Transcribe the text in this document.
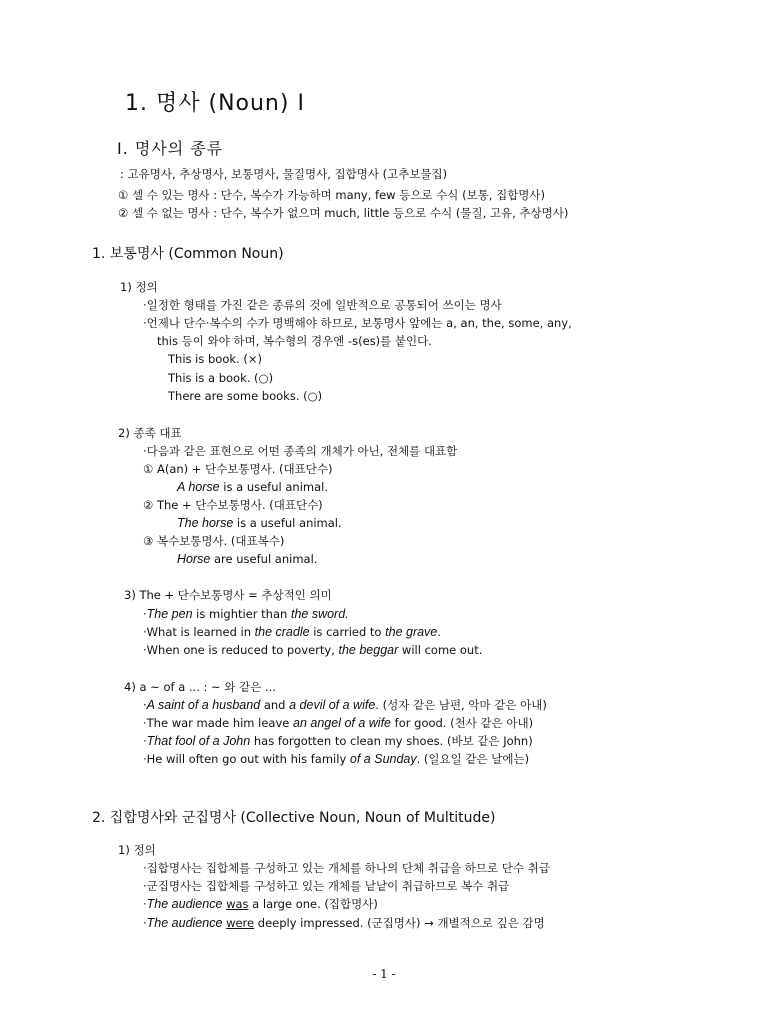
1. 명사 (Noun) Ⅰ
Ⅰ. 명사의 종류
: 고유명사, 추상명사, 보통명사, 물질명사, 집합명사 (고추보물집)
① 셀 수 있는 명사 : 단수, 복수가 가능하며 many, few 등으로 수식 (보통, 집합명사)
② 셀 수 없는 명사 : 단수, 복수가 없으며 much, little 등으로 수식 (물질, 고유, 추상명사)
1. 보통명사 (Common Noun)
1) 정의
·일정한 형태를 가진 같은 종류의 것에 일반적으로 공통되어 쓰이는 명사
·언제나 단수·복수의 수가 명백해야 하므로, 보통명사 앞에는 a, an, the, some, any,
this 등이 와야 하며, 복수형의 경우엔 -s(es)를 붙인다.
This is book. (×)
This is a book. (○)
There are some books. (○)
2) 종족 대표
·다음과 같은 표현으로 어떤 종족의 개체가 아닌, 전체를 대표함
① A(an) + 단수보통명사. (대표단수)
A horse is a useful animal.
② The + 단수보통명사. (대표단수)
The horse is a useful animal.
③ 복수보통명사. (대표복수)
Horse are useful animal.
3) The + 단수보통명사 = 추상적인 의미
·The pen is mightier than the sword.
·What is learned in the cradle is carried to the grave.
·When one is reduced to poverty, the beggar will come out.
4) a ~ of a ... : ~ 와 같은 ...
·A saint of a husband and a devil of a wife. (성자 같은 남편, 악마 같은 아내)
·The war made him leave an angel of a wife for good. (천사 같은 아내)
·That fool of a John has forgotten to clean my shoes. (바보 같은 John)
·He will often go out with his family of a Sunday. (일요일 같은 날에는)
2. 집합명사와 군집명사 (Collective Noun, Noun of Multitude)
1) 정의
·집합명사는 집합체를 구성하고 있는 개체를 하나의 단체 취급을 하므로 단수 취급
·군집명사는 집합체를 구성하고 있는 개체를 낱낱이 취급하므로 복수 취급
·The audience was a large one. (집합명사)
·The audience were deeply impressed. (군집명사) → 개별적으로 깊은 감명
- 1 -
